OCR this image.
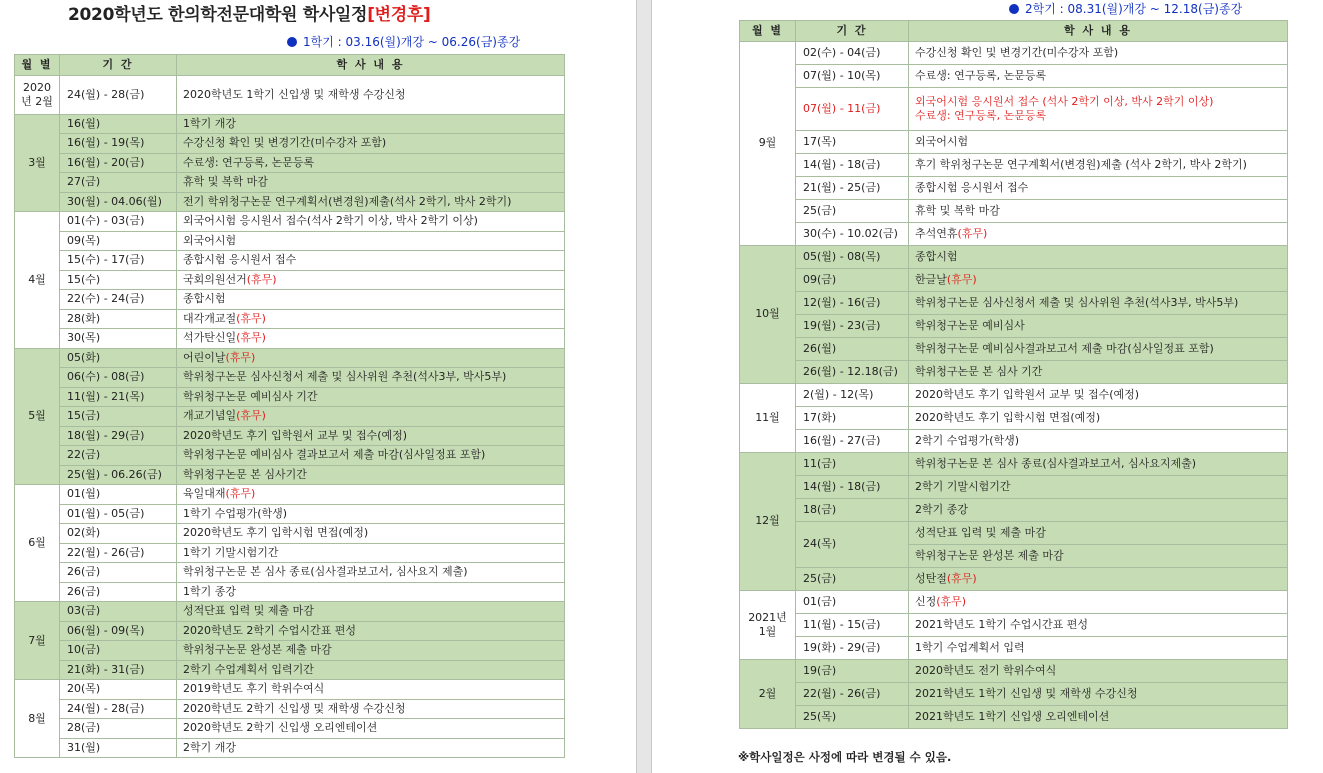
2020학년도 한의학전문대학원 학사일정[변경후]
1학기 : 03.16(월)개강 ~ 06.26(금)종강
월 별	기 간	학 사 내 용
2020년 2월	24(월) - 28(금)	2020학년도 1학기 신입생 및 재학생 수강신청
3월	16(월)	1학기 개강
	16(월) - 19(목)	수강신청 확인 및 변경기간(미수강자 포함)
	16(월) - 20(금)	수료생: 연구등록, 논문등록
	27(금)	휴학 및 복학 마감
	30(월) - 04.06(월)	전기 학위청구논문 연구계획서(변경원)제출(석사 2학기, 박사 2학기)
4월	01(수) - 03(금)	외국어시험 응시원서 접수(석사 2학기 이상, 박사 2학기 이상)
	09(목)	외국어시험
	15(수) - 17(금)	종합시험 응시원서 접수
	15(수)	국회의원선거(휴무)
	22(수) - 24(금)	종합시험
	28(화)	대각개교절(휴무)
	30(목)	석가탄신일(휴무)
5월	05(화)	어린이날(휴무)
	06(수) - 08(금)	학위청구논문 심사신청서 제출 및 심사위원 추천(석사3부, 박사5부)
	11(월) - 21(목)	학위청구논문 예비심사 기간
	15(금)	개교기념일(휴무)
	18(월) - 29(금)	2020학년도 후기 입학원서 교부 및 접수(예정)
	22(금)	학위청구논문 예비심사 결과보고서 제출 마감(심사일정표 포함)
	25(월) - 06.26(금)	학위청구논문 본 심사기간
6월	01(월)	육일대재(휴무)
	01(월) - 05(금)	1학기 수업평가(학생)
	02(화)	2020학년도 후기 입학시험 면접(예정)
	22(월) - 26(금)	1학기 기말시험기간
	26(금)	학위청구논문 본 심사 종료(심사결과보고서, 심사요지 제출)
	26(금)	1학기 종강
7월	03(금)	성적단표 입력 및 제출 마감
	06(월) - 09(목)	2020학년도 2학기 수업시간표 편성
	10(금)	학위청구논문 완성본 제출 마감
	21(화) - 31(금)	2학기 수업계획서 입력기간
8월	20(목)	2019학년도 후기 학위수여식
	24(월) - 28(금)	2020학년도 2학기 신입생 및 재학생 수강신청
	28(금)	2020학년도 2학기 신입생 오리엔테이션
	31(월)	2학기 개강
2학기 : 08.31(월)개강 ~ 12.18(금)종강
월 별	기 간	학 사 내 용
9월	02(수) - 04(금)	수강신청 확인 및 변경기간(미수강자 포함)
	07(월) - 10(목)	수료생: 연구등록, 논문등록
	07(월) - 11(금)	외국어시험 응시원서 접수 (석사 2학기 이상, 박사 2학기 이상)
수료생: 연구등록, 논문등록
	17(목)	외국어시험
	14(월) - 18(금)	후기 학위청구논문 연구계획서(변경원)제출 (석사 2학기, 박사 2학기)
	21(월) - 25(금)	종합시험 응시원서 접수
	25(금)	휴학 및 복학 마감
	30(수) - 10.02(금)	추석연휴(휴무)
10월	05(월) - 08(목)	종합시험
	09(금)	한글날(휴무)
	12(월) - 16(금)	학위청구논문 심사신청서 제출 및 심사위원 추천(석사3부, 박사5부)
	19(월) - 23(금)	학위청구논문 예비심사
	26(월)	학위청구논문 예비심사결과보고서 제출 마감(심사일정표 포함)
	26(월) - 12.18(금)	학위청구논문 본 심사 기간
11월	2(월) - 12(목)	2020학년도 후기 입학원서 교부 및 접수(예정)
	17(화)	2020학년도 후기 입학시험 면접(예정)
	16(월) - 27(금)	2학기 수업평가(학생)
12월	11(금)	학위청구논문 본 심사 종료(심사결과보고서, 심사요지제출)
	14(월) - 18(금)	2학기 기말시험기간
	18(금)	2학기 종강
	24(목)	성적단표 입력 및 제출 마감
		학위청구논문 완성본 제출 마감
	25(금)	성탄절(휴무)
2021년 1월	01(금)	신정(휴무)
	11(월) - 15(금)	2021학년도 1학기 수업시간표 편성
	19(화) - 29(금)	1학기 수업계획서 입력
2월	19(금)	2020학년도 전기 학위수여식
	22(월) - 26(금)	2021학년도 1학기 신입생 및 재학생 수강신청
	25(목)	2021학년도 1학기 신입생 오리엔테이션
※학사일정은 사정에 따라 변경될 수 있음.
